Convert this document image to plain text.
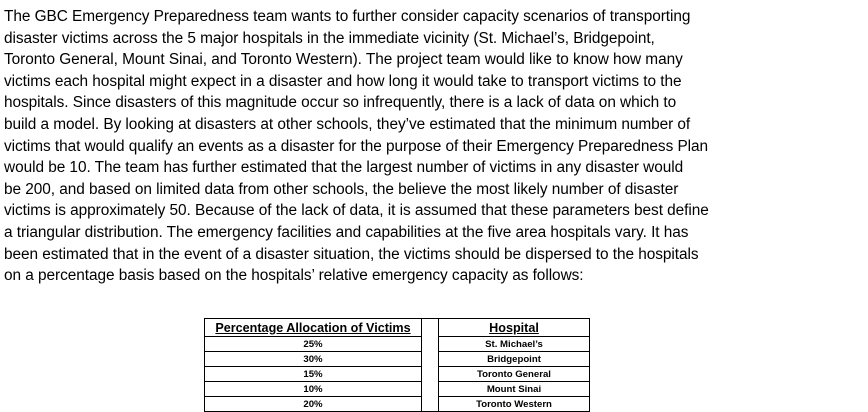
The GBC Emergency Preparedness team wants to further consider capacity scenarios of transporting
disaster victims across the 5 major hospitals in the immediate vicinity (St. Michael’s, Bridgepoint,
Toronto General, Mount Sinai, and Toronto Western). The project team would like to know how many
victims each hospital might expect in a disaster and how long it would take to transport victims to the
hospitals. Since disasters of this magnitude occur so infrequently, there is a lack of data on which to
build a model. By looking at disasters at other schools, they’ve estimated that the minimum number of
victims that would qualify an events as a disaster for the purpose of their Emergency Preparedness Plan
would be 10. The team has further estimated that the largest number of victims in any disaster would
be 200, and based on limited data from other schools, the believe the most likely number of disaster
victims is approximately 50. Because of the lack of data, it is assumed that these parameters best define
a triangular distribution. The emergency facilities and capabilities at the five area hospitals vary. It has
been estimated that in the event of a disaster situation, the victims should be dispersed to the hospitals
on a percentage basis based on the hospitals’ relative emergency capacity as follows:
Percentage Allocation of Victims		Hospital
25%		St. Michael’s
30%		Bridgepoint
15%		Toronto General
10%		Mount Sinai
20%		Toronto Western
